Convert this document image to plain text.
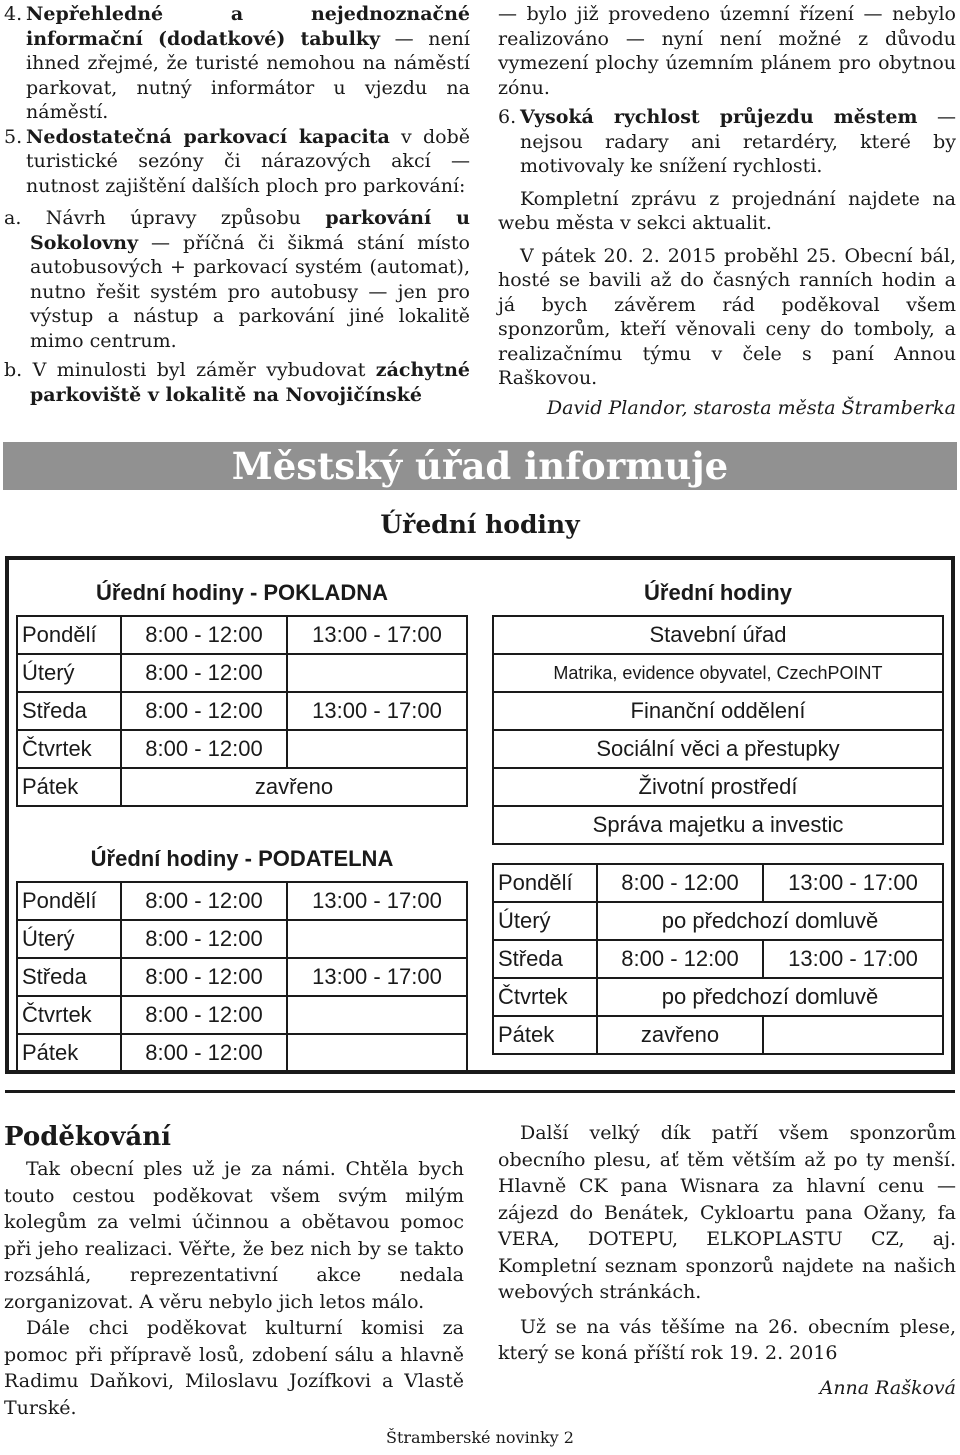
4. Nepřehledné a nejednoznačné informační (dodatkové) tabulky — není ihned zřejmé, že turisté nemohou na náměstí parkovat, nutný informátor u vjezdu na náměstí.
5. Nedostatečná parkovací kapacita v době turistické sezóny či nárazových akcí — nutnost zajištění dalších ploch pro parkování:

a. Návrh úpravy způsobu parkování u Sokolovny — příčná či šikmá stání místo autobusových + parkovací systém (automat), nutno řešit systém pro autobusy — jen pro výstup a nástup a parkování jiné lokalitě mimo centrum.

b. V minulosti byl záměr vybudovat záchytné parkoviště v lokalitě na Novojičínské

— bylo již provedeno územní řízení — nebylo realizováno — nyní není možné z důvodu vymezení plochy územním plánem pro obytnou zónu.

6. Vysoká rychlost průjezdu městem — nejsou radary ani retardéry, které by motivovaly ke snížení rychlosti.

Kompletní zprávu z projednání najdete na webu města v sekci aktualit.

V pátek 20. 2. 2015 proběhl 25. Obecní bál, hosté se bavili až do časných ranních hodin a já bych závěrem rád poděkoval všem sponzorům, kteří věnovali ceny do tomboly, a realizačnímu týmu v čele s paní Annou Raškovou.

David Plandor, starosta města Štramberka

Městský úřad informuje
Úřední hodiny
Úřední hodiny - POKLADNA		
Pondělí	8:00 - 12:00	13:00 - 17:00
Úterý	8:00 - 12:00	
Středa	8:00 - 12:00	13:00 - 17:00
Čtvrtek	8:00 - 12:00	
Pátek	zavřeno	
Úřední hodiny - PODATELNA		
Pondělí	8:00 - 12:00	13:00 - 17:00
Úterý	8:00 - 12:00	
Středa	8:00 - 12:00	13:00 - 17:00
Čtvrtek	8:00 - 12:00	
Pátek	8:00 - 12:00	
Úřední hodiny		
Stavební úřad		
Matrika, evidence obyvatel, CzechPOINT		
Finanční oddělení		
Sociální věci a přestupky		
Životní prostředí		
Správa majetku a investic		

Pondělí	8:00 - 12:00	13:00 - 17:00
Úterý	po předchozí domluvě	
Středa	8:00 - 12:00	13:00 - 17:00
Čtvrtek	po předchozí domluvě	
Pátek	zavřeno	
Poděkování

Tak obecní ples už je za námi. Chtěla bych touto cestou poděkovat všem svým milým kolegům za velmi účinnou a obětavou pomoc při jeho realizaci. Věřte, že bez nich by se takto rozsáhlá, reprezentativní akce nedala zorganizovat. A věru nebylo jich letos málo.

Dále chci poděkovat kulturní komisi za pomoc při přípravě losů, zdobení sálu a hlavně Radimu Daňkovi, Miloslavu Jozífkovi a Vlastě Turské.

Další velký dík patří všem sponzorům obecního plesu, ať těm větším až po ty menší. Hlavně CK pana Wisnara za hlavní cenu — zájezd do Benátek, Cykloartu pana Ožany, fa VERA, DOTEPU, ELKOPLASTU CZ, aj. Kompletní seznam sponzorů najdete na našich webových stránkách.

Už se na vás těšíme na 26. obecním plese, který se koná příští rok 19. 2. 2016

Anna Rašková

Štramberské novinky 2
